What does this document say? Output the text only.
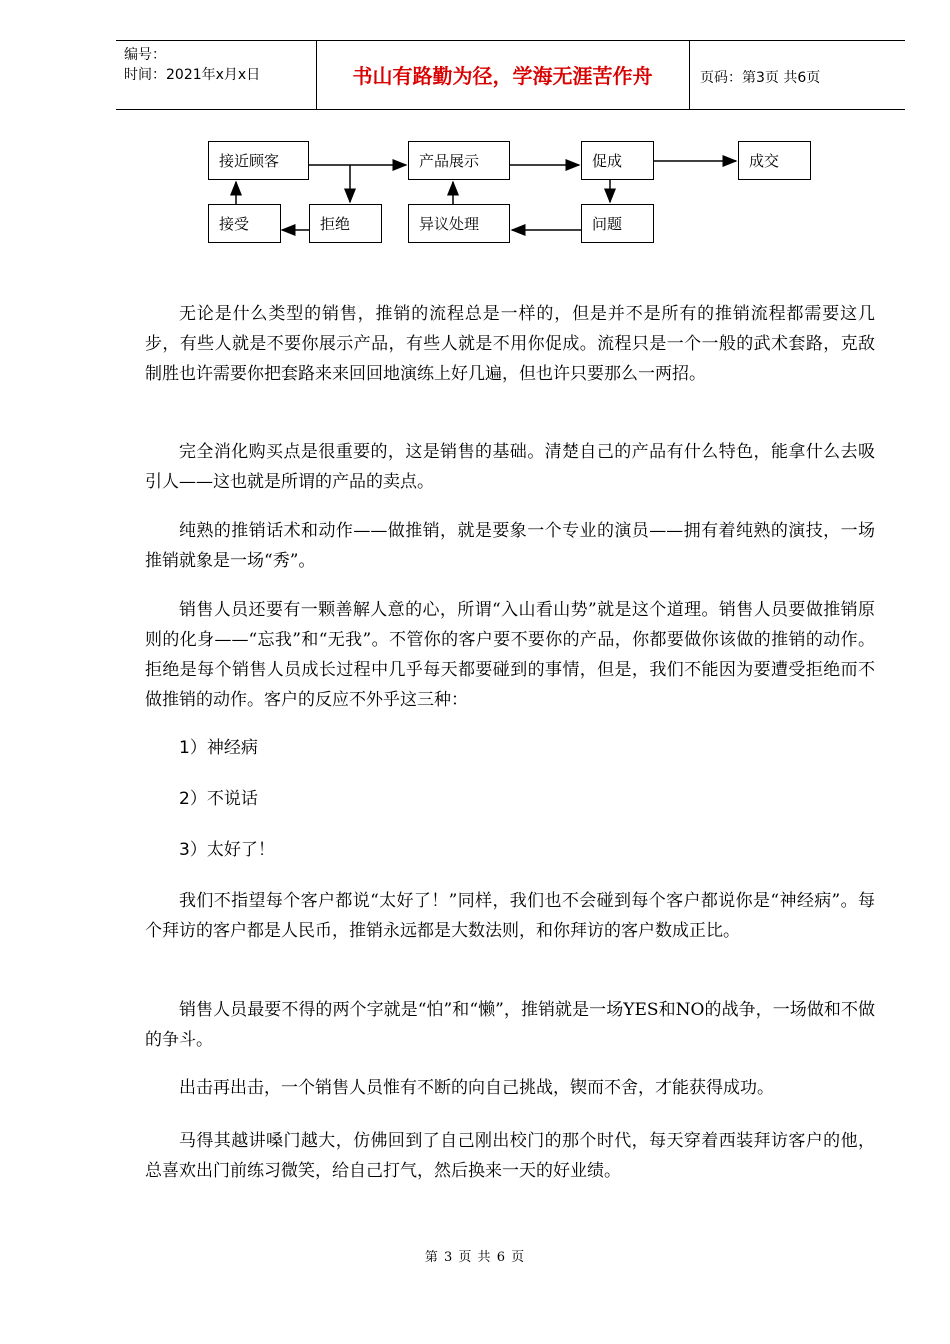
编号：
时间：2021年x月x日	书山有路勤为径，学海无涯苦作舟	页码：第3页 共6页
接近顾客	产品展示	促成	成交
接受	拒绝	异议处理	问题
无论是什么类型的销售，推销的流程总是一样的，但是并不是所有的推销流程都需要这几步，有些人就是不要你展示产品，有些人就是不用你促成。流程只是一个一般的武术套路，克敌制胜也许需要你把套路来来回回地演练上好几遍，但也许只要那么一两招。
完全消化购买点是很重要的，这是销售的基础。清楚自己的产品有什么特色，能拿什么去吸引人——这也就是所谓的产品的卖点。
纯熟的推销话术和动作——做推销，就是要象一个专业的演员——拥有着纯熟的演技，一场推销就象是一场“秀”。
销售人员还要有一颗善解人意的心，所谓“入山看山势”就是这个道理。销售人员要做推销原则的化身——“忘我”和“无我”。不管你的客户要不要你的产品，你都要做你该做的推销的动作。拒绝是每个销售人员成长过程中几乎每天都要碰到的事情，但是，我们不能因为要遭受拒绝而不做推销的动作。客户的反应不外乎这三种：
1）神经病
2）不说话
3）太好了！
我们不指望每个客户都说“太好了！”同样，我们也不会碰到每个客户都说你是“神经病”。每个拜访的客户都是人民币，推销永远都是大数法则，和你拜访的客户数成正比。
销售人员最要不得的两个字就是“怕”和“懒”，推销就是一场YES和NO的战争，一场做和不做的争斗。
出击再出击，一个销售人员惟有不断的向自己挑战，锲而不舍，才能获得成功。
马得其越讲嗓门越大，仿佛回到了自己刚出校门的那个时代，每天穿着西装拜访客户的他，总喜欢出门前练习微笑，给自己打气，然后换来一天的好业绩。
第 3 页 共 6 页
